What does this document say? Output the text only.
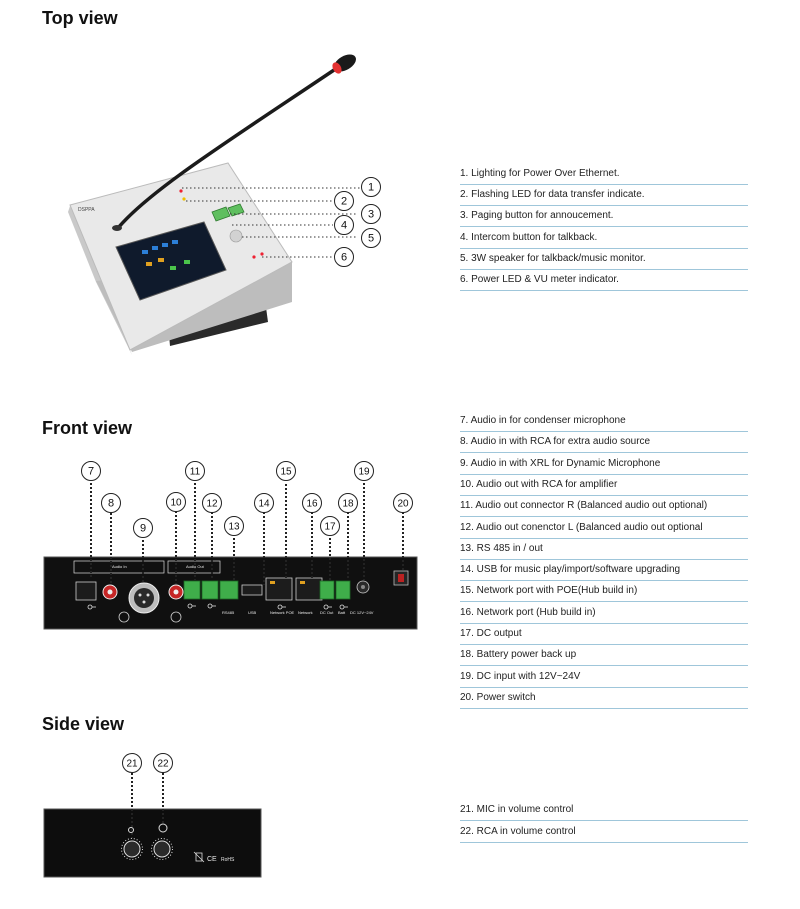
Top view
Front view
Side view
DSPPA
Audio In	Audio Out
RS485	USB	Network POE Network DC Out Batt DC 12V~24V
CE RoHS
1
2
3
4
5
6
7
8
9
10
11
12
13
14
15
16
17
18
19
20
21 22
1. Lighting for Power Over Ethernet.
2. Flashing LED for data transfer indicate.
3. Paging button for annoucement.
4. Intercom button for talkback.
5. 3W speaker for talkback/music monitor.
6. Power LED & VU meter indicator.
7. Audio in for condenser microphone
8. Audio in with RCA for extra audio source
9. Audio in with XRL for Dynamic Microphone
10. Audio out with RCA for amplifier
11. Audio out connector R (Balanced audio out optional)
12. Audio out conenctor L (Balanced audio out optional
13. RS 485 in / out
14. USB for music play/import/software upgrading
15. Network port with POE(Hub build in)
16. Network port (Hub build in)
17. DC output
18. Battery power back up
19. DC input with 12V~24V
20. Power switch
21. MIC in volume control
22. RCA in volume control
